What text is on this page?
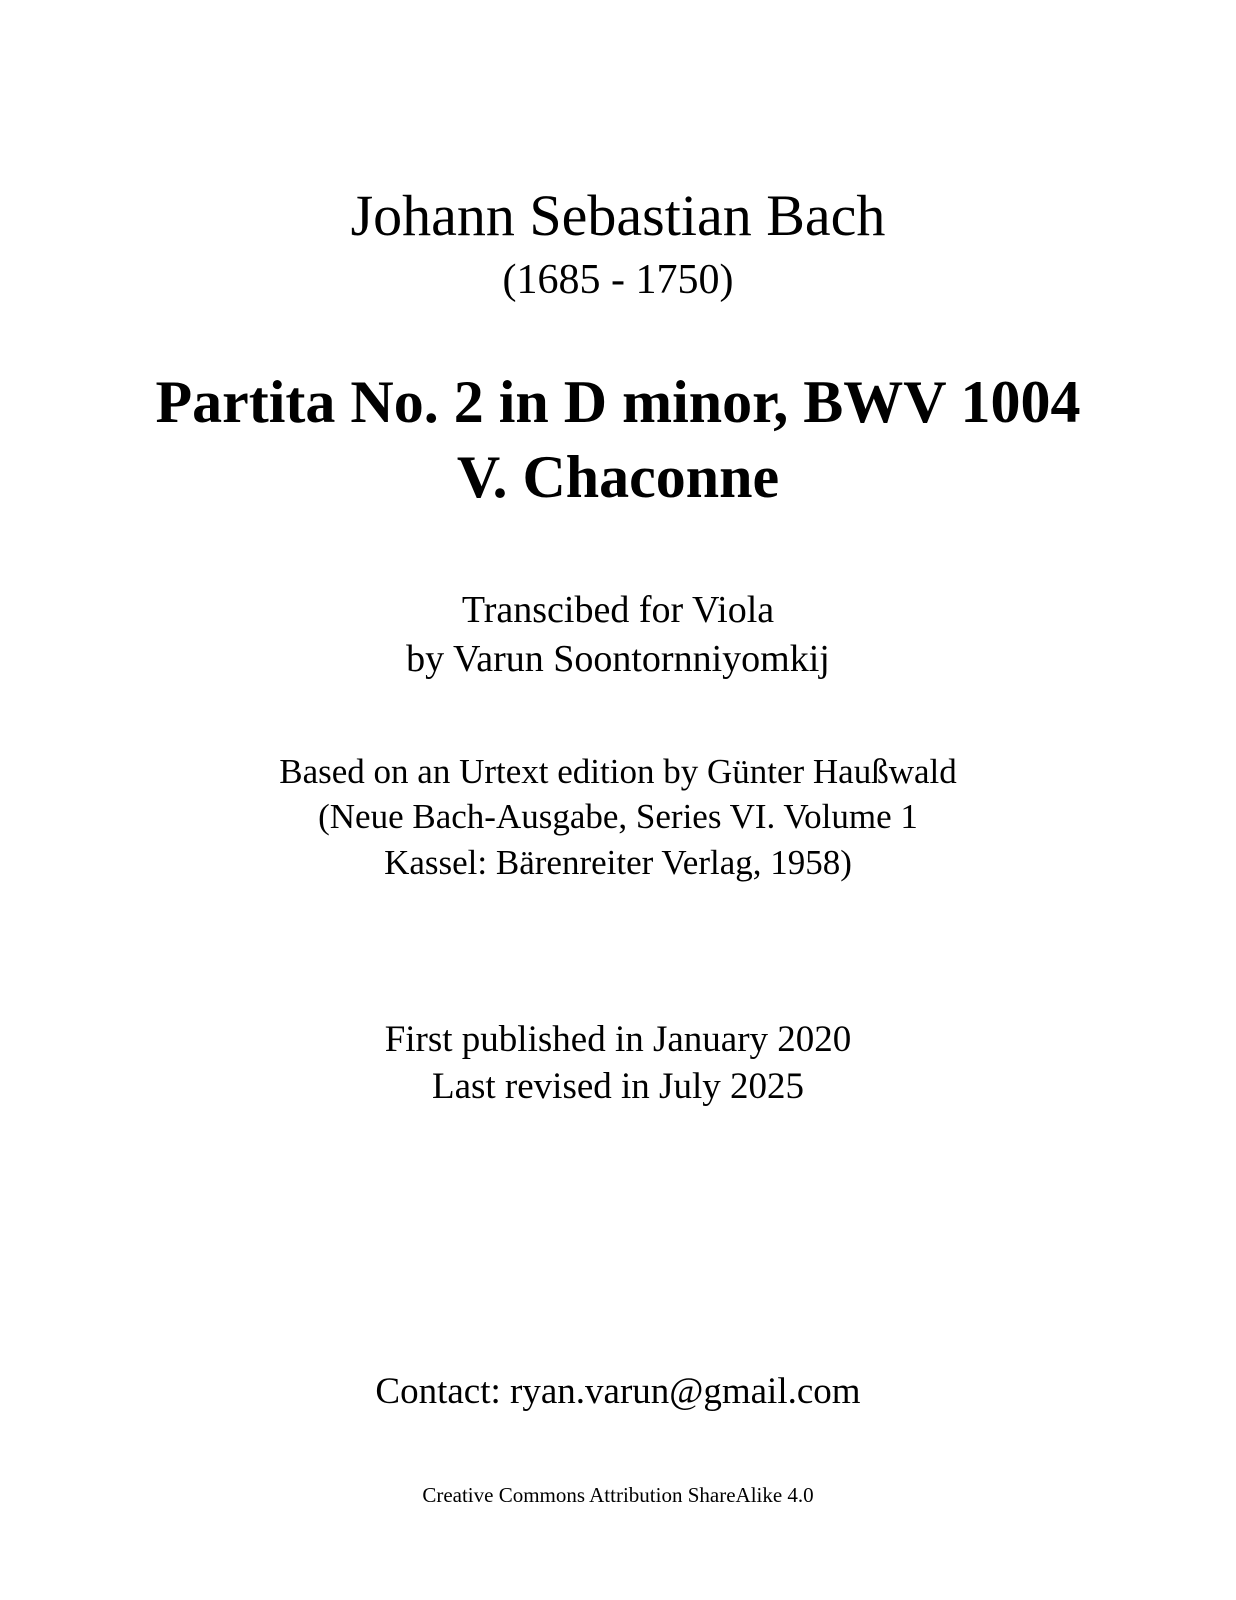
Johann Sebastian Bach

(1685 - 1750)

Partita No. 2 in D minor, BWV 1004
V. Chaconne

Transcibed for Viola

by Varun Soontornniyomkij

Based on an Urtext edition by Günter Haußwald

(Neue Bach-Ausgabe, Series VI. Volume 1

Kassel: Bärenreiter Verlag, 1958)

First published in January 2020

Last revised in July 2025

Contact: ryan.varun@gmail.com

Creative Commons Attribution ShareAlike 4.0
